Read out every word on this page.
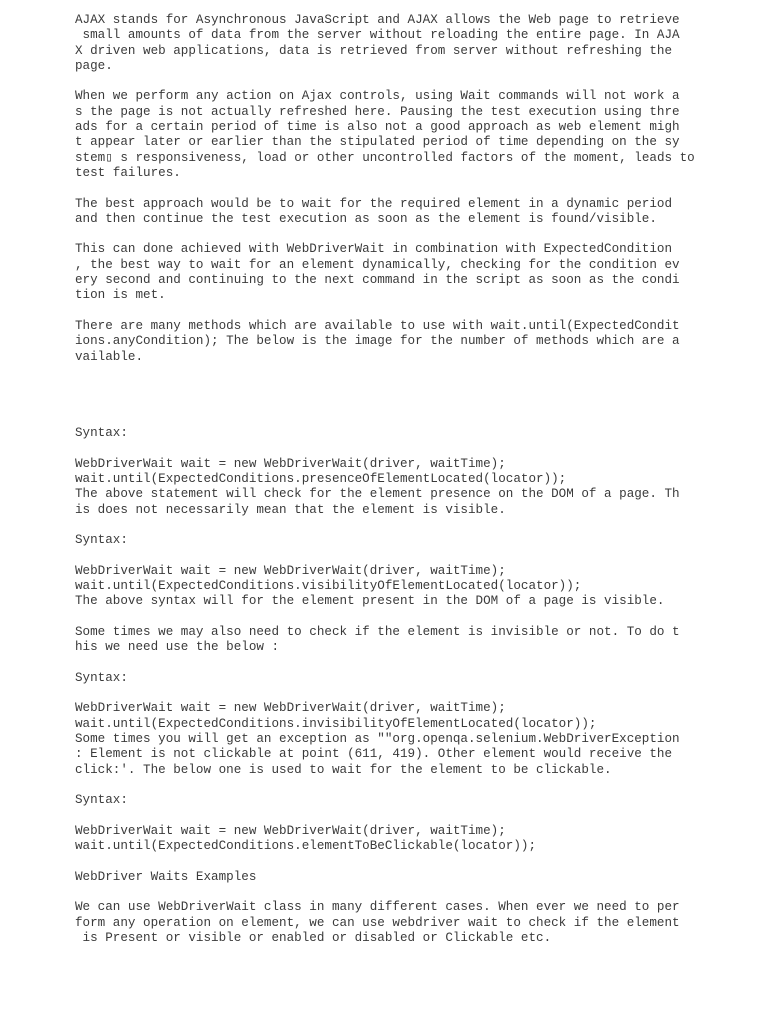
AJAX stands for Asynchronous JavaScript and AJAX allows the Web page to retrieve
small amounts of data from the server without reloading the entire page. In AJA
X driven web applications, data is retrieved from server without refreshing the
page.
When we perform any action on Ajax controls, using Wait commands will not work a
s the page is not actually refreshed here. Pausing the test execution using thre
ads for a certain period of time is also not a good approach as web element migh
t appear later or earlier than the stipulated period of time depending on the sy
stem▯ s responsiveness, load or other uncontrolled factors of the moment, leads to
test failures.
The best approach would be to wait for the required element in a dynamic period
and then continue the test execution as soon as the element is found/visible.
This can done achieved with WebDriverWait in combination with ExpectedCondition
, the best way to wait for an element dynamically, checking for the condition ev
ery second and continuing to the next command in the script as soon as the condi
tion is met.
There are many methods which are available to use with wait.until(ExpectedCondit
ions.anyCondition); The below is the image for the number of methods which are a
vailable.
Syntax:
WebDriverWait wait = new WebDriverWait(driver, waitTime);
wait.until(ExpectedConditions.presenceOfElementLocated(locator));
The above statement will check for the element presence on the DOM of a page. Th
is does not necessarily mean that the element is visible.
Syntax:
WebDriverWait wait = new WebDriverWait(driver, waitTime);
wait.until(ExpectedConditions.visibilityOfElementLocated(locator));
The above syntax will for the element present in the DOM of a page is visible.
Some times we may also need to check if the element is invisible or not. To do t
his we need use the below :
Syntax:
WebDriverWait wait = new WebDriverWait(driver, waitTime);
wait.until(ExpectedConditions.invisibilityOfElementLocated(locator));
Some times you will get an exception as ""org.openqa.selenium.WebDriverException
: Element is not clickable at point (611, 419). Other element would receive the
click:'. The below one is used to wait for the element to be clickable.
Syntax:
WebDriverWait wait = new WebDriverWait(driver, waitTime);
wait.until(ExpectedConditions.elementToBeClickable(locator));
WebDriver Waits Examples
We can use WebDriverWait class in many different cases. When ever we need to per
form any operation on element, we can use webdriver wait to check if the element
is Present or visible or enabled or disabled or Clickable etc.
